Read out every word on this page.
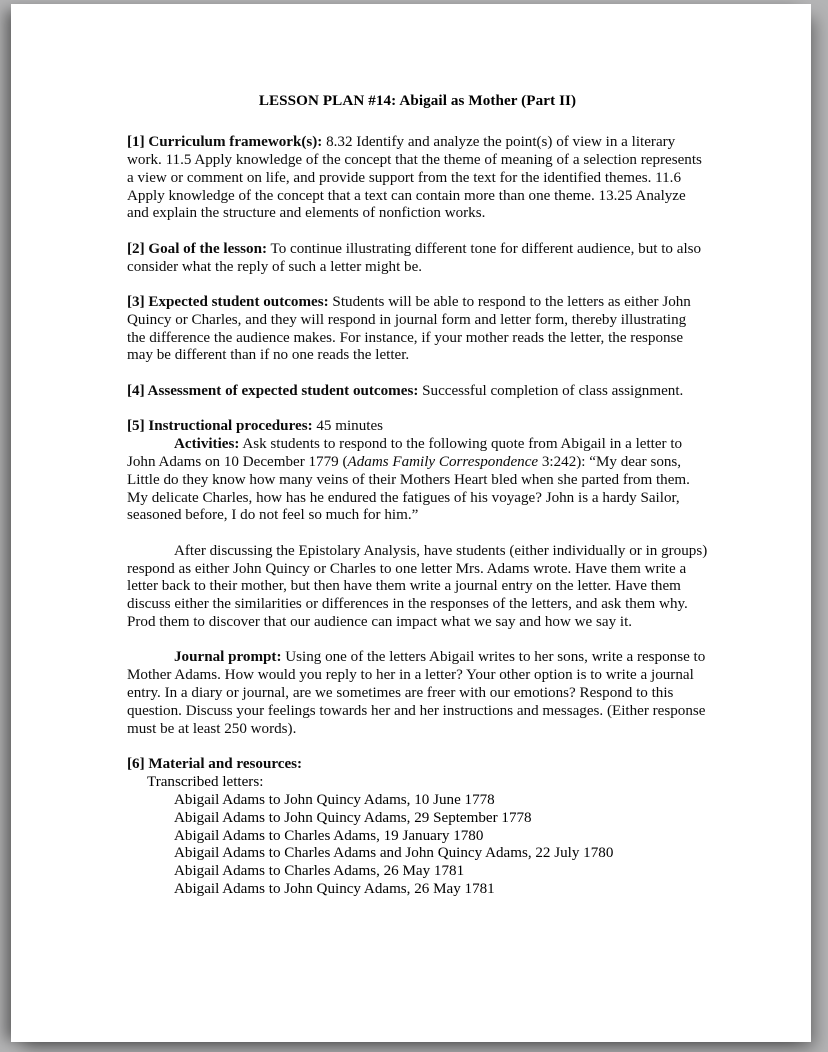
LESSON PLAN #14: Abigail as Mother (Part II)

[1] Curriculum framework(s): 8.32 Identify and analyze the point(s) of view in a literary work. 11.5 Apply knowledge of the concept that the theme of meaning of a selection represents a view or comment on life, and provide support from the text for the identified themes. 11.6 Apply knowledge of the concept that a text can contain more than one theme. 13.25 Analyze and explain the structure and elements of nonfiction works.

[2] Goal of the lesson: To continue illustrating different tone for different audience, but to also consider what the reply of such a letter might be.

[3] Expected student outcomes: Students will be able to respond to the letters as either John Quincy or Charles, and they will respond in journal form and letter form, thereby illustrating the difference the audience makes. For instance, if your mother reads the letter, the response may be different than if no one reads the letter.

[4] Assessment of expected student outcomes: Successful completion of class assignment.

[5] Instructional procedures: 45 minutes

Activities: Ask students to respond to the following quote from Abigail in a letter to John Adams on 10 December 1779 (Adams Family Correspondence 3:242): “My dear sons, Little do they know how many veins of their Mothers Heart bled when she parted from them. My delicate Charles, how has he endured the fatigues of his voyage? John is a hardy Sailor, seasoned before, I do not feel so much for him.”

After discussing the Epistolary Analysis, have students (either individually or in groups) respond as either John Quincy or Charles to one letter Mrs. Adams wrote. Have them write a letter back to their mother, but then have them write a journal entry on the letter. Have them discuss either the similarities or differences in the responses of the letters, and ask them why. Prod them to discover that our audience can impact what we say and how we say it.

Journal prompt: Using one of the letters Abigail writes to her sons, write a response to Mother Adams. How would you reply to her in a letter? Your other option is to write a journal entry. In a diary or journal, are we sometimes are freer with our emotions? Respond to this question. Discuss your feelings towards her and her instructions and messages. (Either response must be at least 250 words).

[6] Material and resources:

Transcribed letters:

Abigail Adams to John Quincy Adams, 10 June 1778

Abigail Adams to John Quincy Adams, 29 September 1778

Abigail Adams to Charles Adams, 19 January 1780

Abigail Adams to Charles Adams and John Quincy Adams, 22 July 1780

Abigail Adams to Charles Adams, 26 May 1781

Abigail Adams to John Quincy Adams, 26 May 1781
